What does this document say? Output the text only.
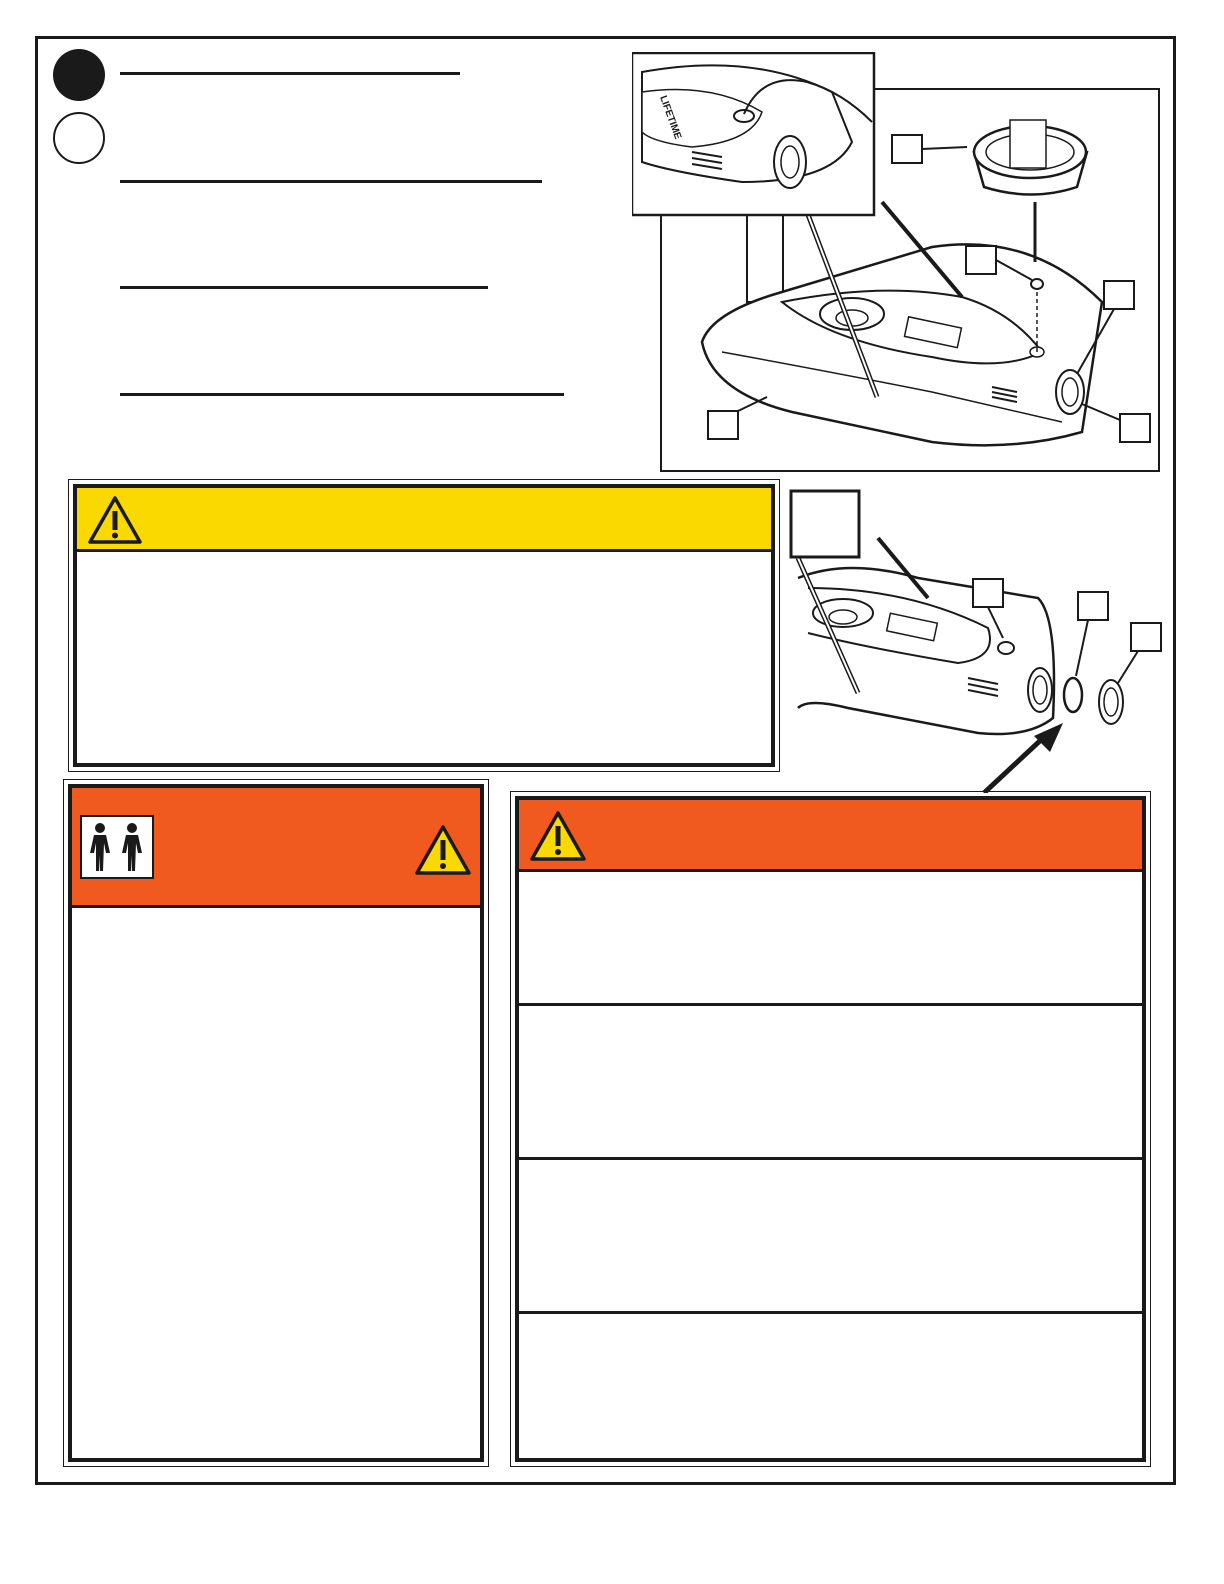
LIFETIME
